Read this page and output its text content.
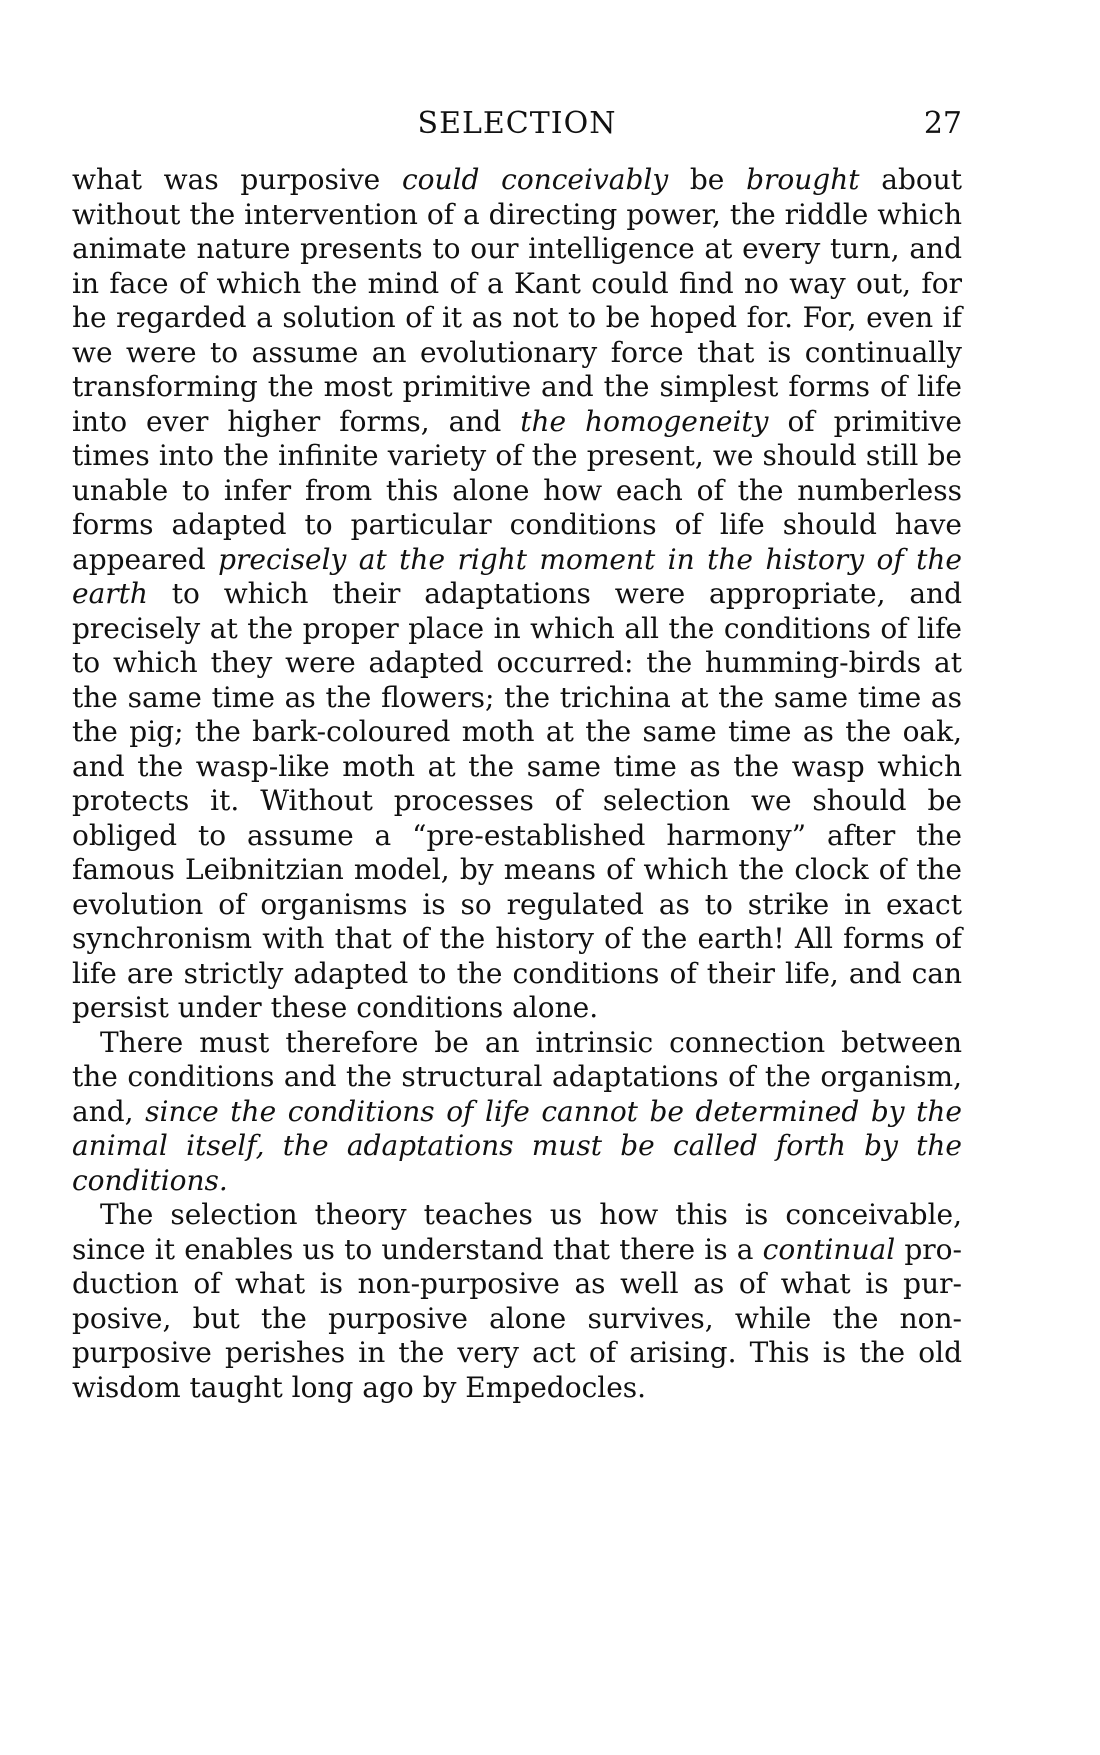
SELECTION	27

what was purposive could conceivably be brought about without the intervention of a directing power, the riddle which animate nature presents to our intelligence at every turn, and in face of which the mind of a Kant could find no way out, for he regarded a solution of it as not to be hoped for. For, even if we were to assume an evolutionary force that is continually transforming the most primitive and the simplest forms of life into ever higher forms, and the homogeneity of primitive times into the infinite variety of the present, we should still be unable to infer from this alone how each of the numberless forms adapted to particular conditions of life should have appeared precisely at the right moment in the history of the earth to which their adaptations were appropriate, and precisely at the proper place in which all the conditions of life to which they were adapted occurred: the humming-birds at the same time as the flowers; the trichina at the same time as the pig; the bark-coloured moth at the same time as the oak, and the wasp-like moth at the same time as the wasp which protects it. Without processes of selection we should be obliged to assume a “pre-established harmony” after the famous Leibnitzian model, by means of which the clock of the evolution of organisms is so regulated as to strike in exact synchronism with that of the history of the earth! All forms of life are strictly adapted to the conditions of their life, and can persist under these conditions alone.

There must therefore be an intrinsic connection between the conditions and the structural adaptations of the organism, and, since the conditions of life cannot be determined by the animal itself, the adaptations must be called forth by the conditions.

The selection theory teaches us how this is conceivable, since it enables us to understand that there is a continual production of what is non-purposive as well as of what is purposive, but the purposive alone survives, while the non-purposive perishes in the very act of arising. This is the old wisdom taught long ago by Empedocles.
